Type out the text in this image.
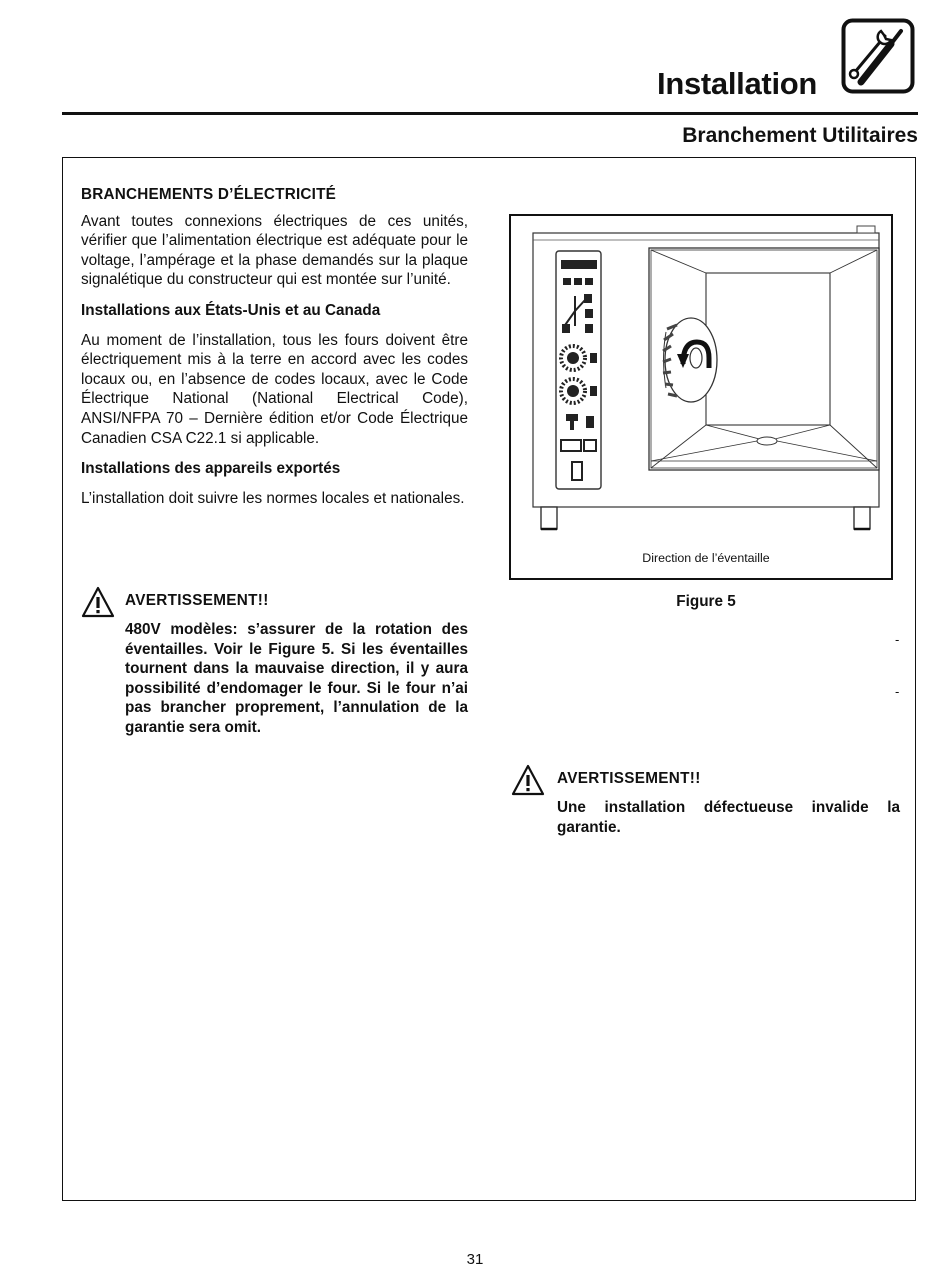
Installation
Branchement Utilitaires
BRANCHEMENTS D’ÉLECTRICITÉ

Avant toutes connexions électriques de ces unités, vérifier que l’alimentation électrique est adéquate pour le voltage, l’ampérage et la phase demandés sur la plaque signalétique du constructeur qui est montée sur l’unité.

Installations aux États-Unis et au Canada

Au moment de l’installation, tous les fours doivent être électriquement mis à la terre en accord avec les codes locaux ou, en l’absence de codes locaux, avec le Code Électrique National (National Electrical Code), ANSI/NFPA 70 – Dernière édition et/or Code Électrique Canadien CSA C22.1 si applicable.

Installations des appareils exportés

L’installation doit suivre les normes locales et nationales.

AVERTISSEMENT!!
480V modèles: s’assurer de la rotation des éventailles. Voir le Figure 5. Si les éventailles tournent dans la mauvaise direction, il y aura possibilité d’endomager le four. Si le four n’ai pas brancher proprement, l’annulation de la garantie sera omit.
Direction de l’éventaille
Figure 5
-
-
AVERTISSEMENT!!
Une installation défectueuse invalide la garantie.
31
